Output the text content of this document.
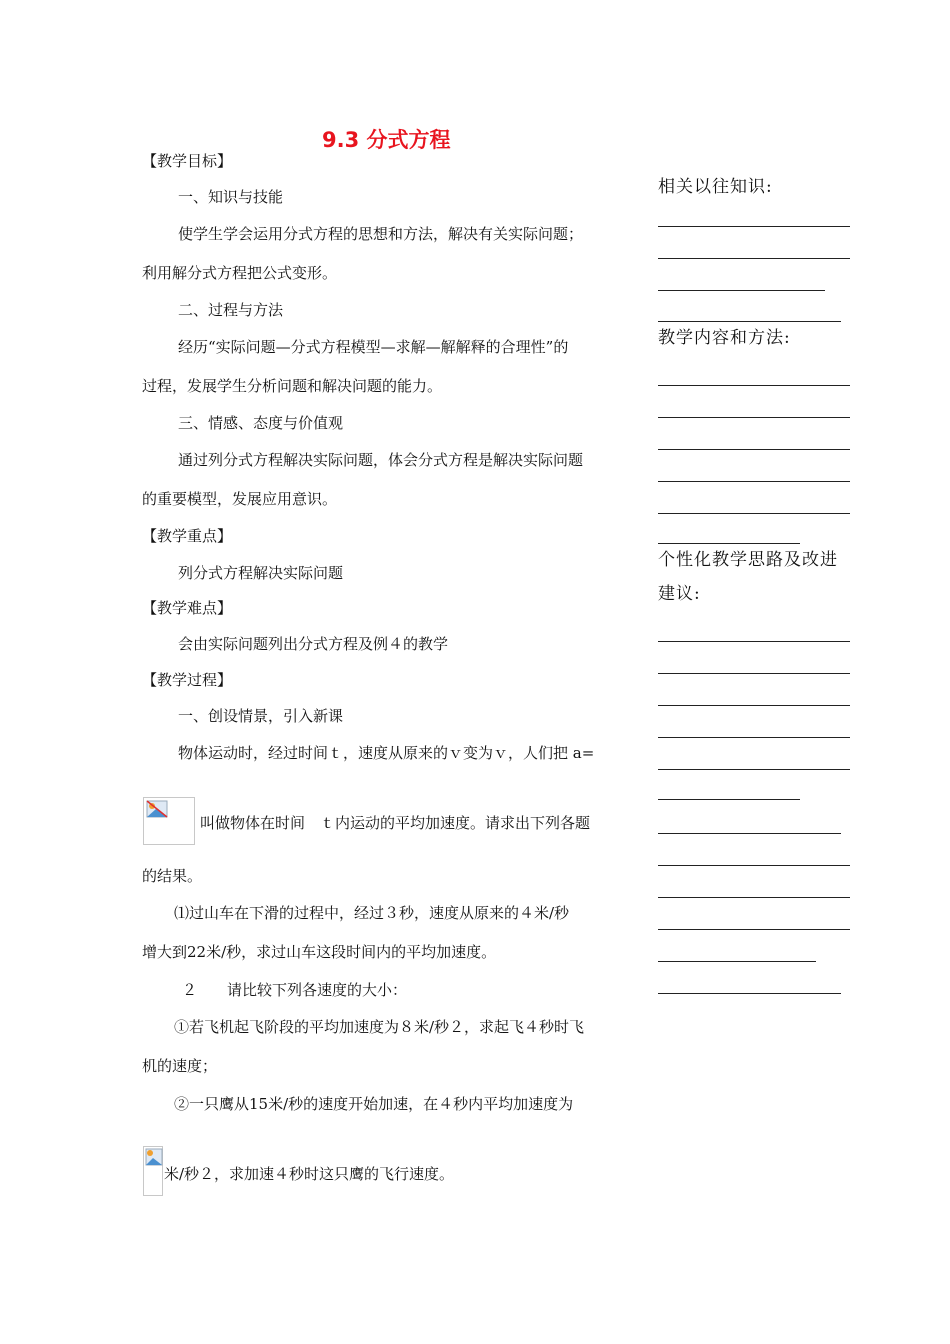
9.3 分式方程
【教学目标】
一、知识与技能
使学生学会运用分式方程的思想和方法，解决有关实际问题；
利用解分式方程把公式变形。
二、过程与方法
经历“实际问题—分式方程模型—求解—解解释的合理性”的
过程，发展学生分析问题和解决问题的能力。
三、情感、态度与价值观
通过列分式方程解决实际问题，体会分式方程是解决实际问题
的重要模型，发展应用意识。
【教学重点】
列分式方程解决实际问题
【教学难点】
会由实际问题列出分式方程及例４的教学
【教学过程】
一、创设情景，引入新课
物体运动时，经过时间ｔ，速度从原来的ｖ变为ｖ，人们把 a=
叫做物体在时间　ｔ内运动的平均加速度。请求出下列各题
的结果。
⑴过山车在下滑的过程中，经过３秒，速度从原来的４米/秒
增大到22米/秒，求过山车这段时间内的平均加速度。
２　　请比较下列各速度的大小：
①若飞机起飞阶段的平均加速度为８米/秒２，求起飞４秒时飞
机的速度；
②一只鹰从15米/秒的速度开始加速，在４秒内平均加速度为
米/秒２，求加速４秒时这只鹰的飞行速度。
相关以往知识:
教学内容和方法:
个性化教学思路及改进
建议:
